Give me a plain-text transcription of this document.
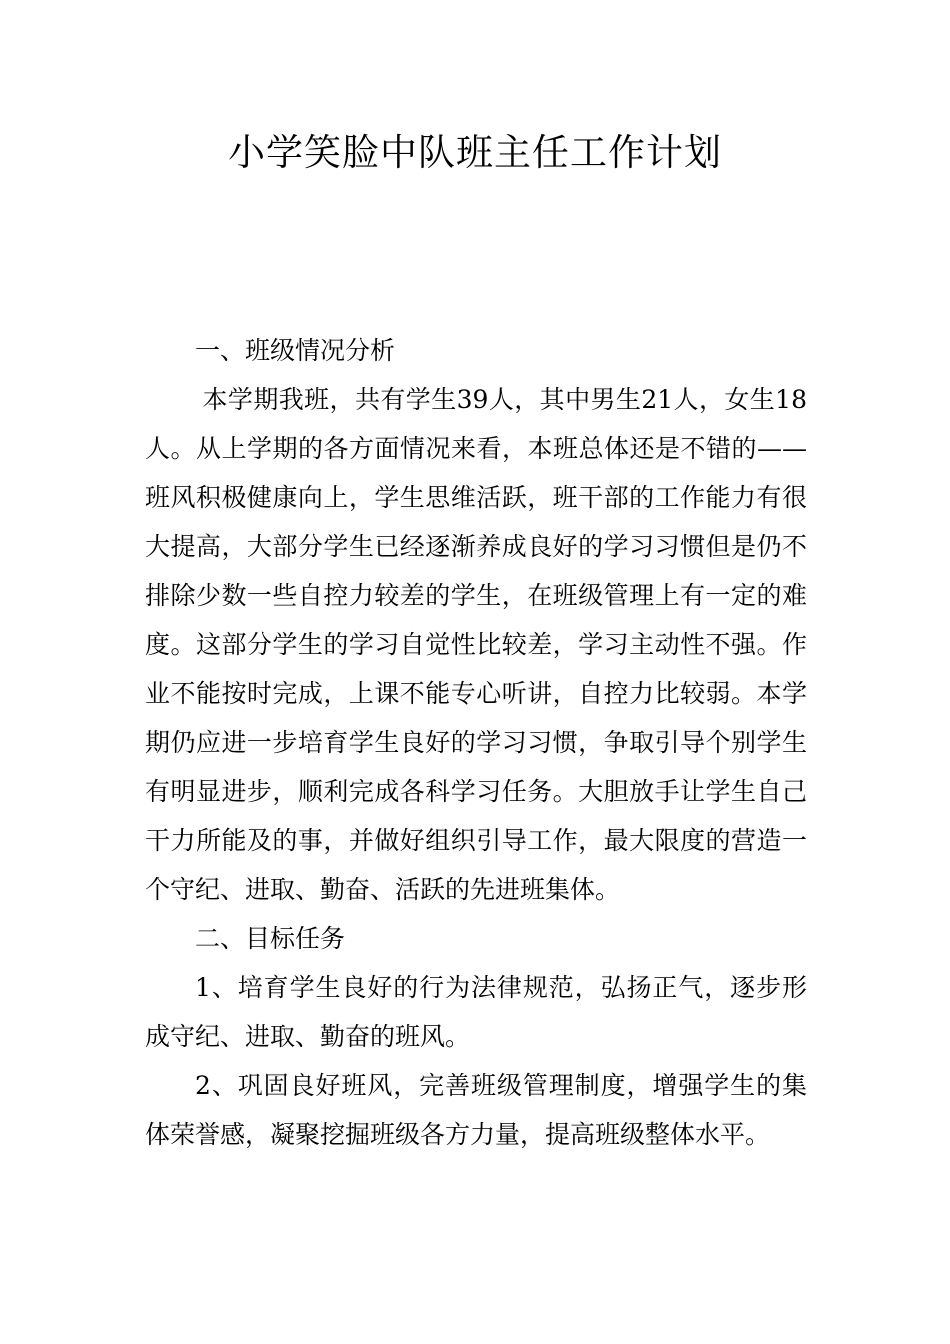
小学笑脸中队班主任工作计划

一、班级情况分析

本学期我班，共有学生39人，其中男生21人，女生18人。从上学期的各方面情况来看，本班总体还是不错的——班风积极健康向上，学生思维活跃，班干部的工作能力有很大提高，大部分学生已经逐渐养成良好的学习习惯但是仍不排除少数一些自控力较差的学生，在班级管理上有一定的难度。这部分学生的学习自觉性比较差，学习主动性不强。作业不能按时完成，上课不能专心听讲，自控力比较弱。本学期仍应进一步培育学生良好的学习习惯，争取引导个别学生有明显进步，顺利完成各科学习任务。大胆放手让学生自己干力所能及的事，并做好组织引导工作，最大限度的营造一个守纪、进取、勤奋、活跃的先进班集体。

二、目标任务

1、培育学生良好的行为法律规范，弘扬正气，逐步形成守纪、进取、勤奋的班风。

2、巩固良好班风，完善班级管理制度，增强学生的集体荣誉感，凝聚挖掘班级各方力量，提高班级整体水平。
